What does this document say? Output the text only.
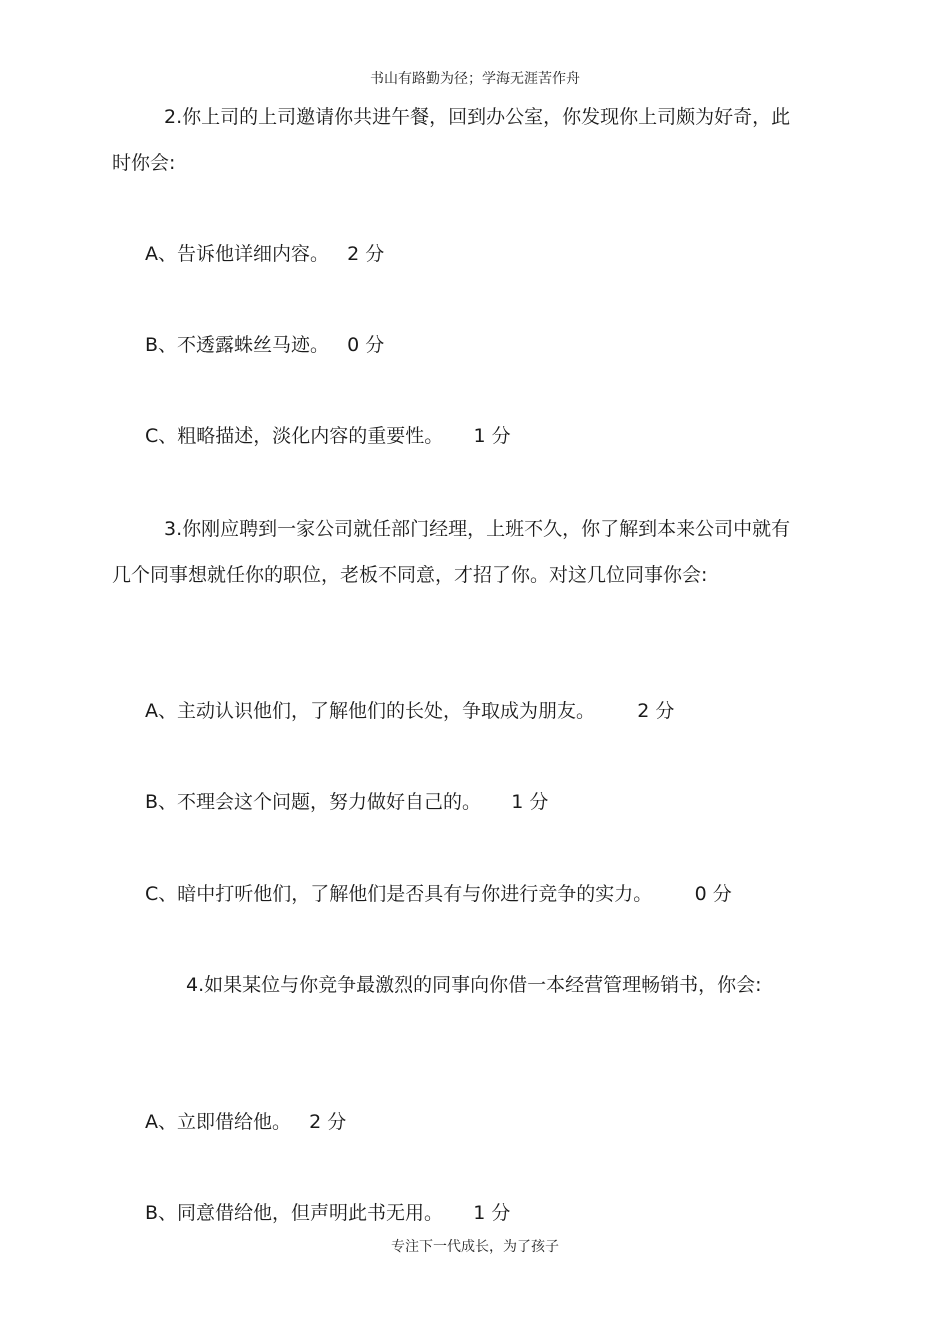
书山有路勤为径；学海无涯苦作舟

2.你上司的上司邀请你共进午餐，回到办公室，你发现你上司颇为好奇，此时你会:

A、告诉他详细内容。 2 分

B、不透露蛛丝马迹。 0 分

C、粗略描述，淡化内容的重要性。 1 分

3.你刚应聘到一家公司就任部门经理，上班不久，你了解到本来公司中就有几个同事想就任你的职位，老板不同意，才招了你。对这几位同事你会:

A、主动认识他们，了解他们的长处，争取成为朋友。 2 分

B、不理会这个问题，努力做好自己的。 1 分

C、暗中打听他们，了解他们是否具有与你进行竞争的实力。 0 分

4.如果某位与你竞争最激烈的同事向你借一本经营管理畅销书，你会:

A、立即借给他。 2 分

B、同意借给他，但声明此书无用。 1 分

专注下一代成长，为了孩子
